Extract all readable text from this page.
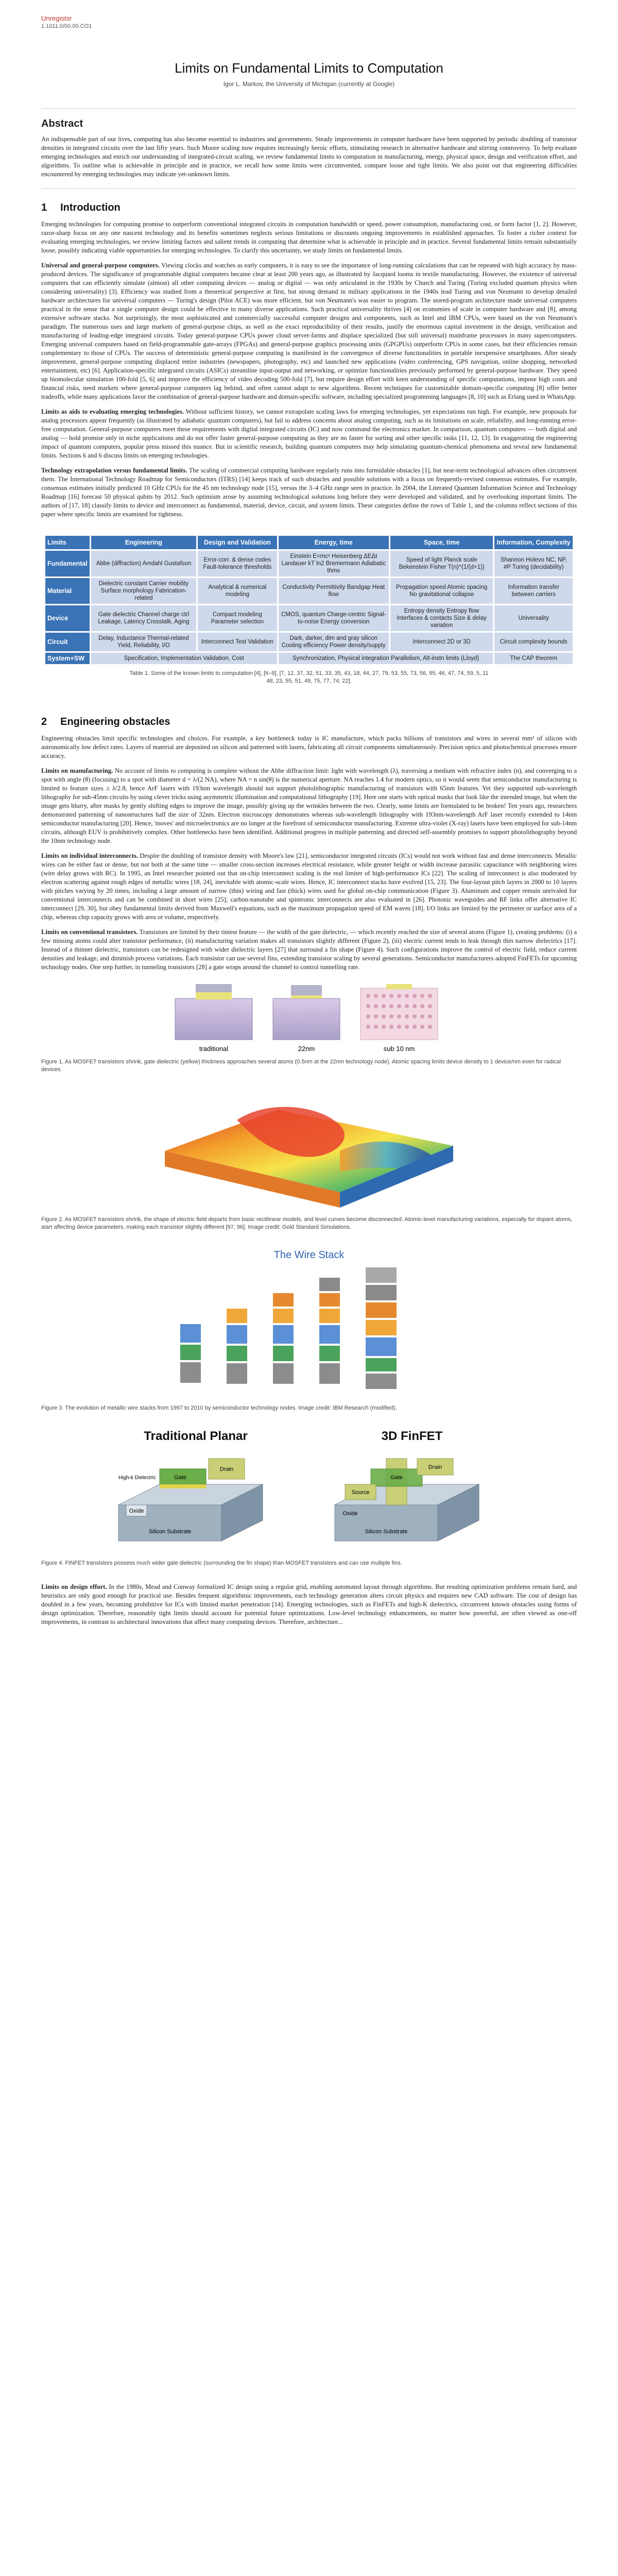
Unregistsr
1.1011.0/00.00.CO1
Limits on Fundamental Limits to Computation
Igor L. Markov, the University of Michigan (currently at Google)
Abstract

An indispensable part of our lives, computing has also become essential to industries and governments. Steady improvements in computer hardware have been supported by periodic doubling of transistor densities in integrated circuits over the last fifty years. Such Moore scaling now requires increasingly heroic efforts, stimulating research in alternative hardware and stirring controversy. To help evaluate emerging technologies and enrich our understanding of integrated-circuit scaling, we review fundamental limits to computation in manufacturing, energy, physical space, design and verification effort, and algorithms. To outline what is achievable in principle and in practice, we recall how some limits were circumvented, compare loose and tight limits. We also point out that engineering difficulties encountered by emerging technologies may indicate yet-unknown limits.

1 Introduction

Emerging technologies for computing promise to outperform conventional integrated circuits in computation bandwidth or speed, power consumption, manufacturing cost, or form factor [1, 2]. However, razor-sharp focus on any one nascent technology and its benefits sometimes neglects serious limitations or discounts ongoing improvements in established approaches. To foster a richer context for evaluating emerging technologies, we review limiting factors and salient trends in computing that determine what is achievable in principle and in practice. Several fundamental limits remain substantially loose, possibly indicating viable opportunities for emerging technologies. To clarify this uncertainty, we study limits on fundamental limits.

Universal and general-purpose computers. Viewing clocks and watches as early computers, it is easy to see the importance of long-running calculations that can be repeated with high accuracy by mass-produced devices. The significance of programmable digital computers became clear at least 200 years ago, as illustrated by Jacquard looms in textile manufacturing. However, the existence of universal computers that can efficiently simulate (almost) all other computing devices — analog or digital — was only articulated in the 1930s by Church and Turing (Turing excluded quantum physics when considering universality) [3]. Efficiency was studied from a theoretical perspective at first, but strong demand in military applications in the 1940s lead Turing and von Neumann to develop detailed hardware architectures for universal computers — Turing's design (Pilot ACE) was more efficient, but von Neumann's was easier to program. The stored-program architecture made universal computers practical in the sense that a single computer design could be effective in many diverse applications. Such practical universality thrives [4] on economies of scale in computer hardware and [8], among extensive software stacks. Not surprisingly, the most sophisticated and commercially successful computer designs and components, such as Intel and IBM CPUs, were based on the von Neumann's paradigm. The numerous uses and large markets of general-purpose chips, as well as the exact reproducibility of their results, justify the enormous capital investment in the design, verification and manufacturing of leading-edge integrated circuits. Today general-purpose CPUs power cloud server-farms and displace specialized (but still universal) mainframe processors in many supercomputers. Emerging universal computers based on field-programmable gate-arrays (FPGAs) and general-purpose graphics processing units (GPGPUs) outperform CPUs in some cases, but their efficiencies remain complementary to those of CPUs. The success of deterministic general-purpose computing is manifested in the convergence of diverse functionalities in portable inexpensive smartphones. After steady improvement, general-purpose computing displaced entire industries (newspapers, photography, etc) and launched new applications (video conferencing, GPS navigation, online shopping, networked entertainment, etc) [6]. Application-specific integrated circuits (ASICs) streamline input-output and networking, or optimize functionalities previously performed by general-purpose hardware. They speed up biomolecular simulation 100-fold [5, 6] and improve the efficiency of video decoding 500-fold [7], but require design effort with keen understanding of specific computations, impose high costs and financial risks, need markets where general-purpose computers lag behind, and often cannot adapt to new algorithms. Recent techniques for customizable domain-specific computing [8] offer better tradeoffs, while many applications favor the combination of general-purpose hardware and domain-specific software, including specialized programming languages [8, 10] such as Erlang used in WhatsApp.

Limits as aids to evaluating emerging technologies. Without sufficient history, we cannot extrapolate scaling laws for emerging technologies, yet expectations run high. For example, new proposals for analog processors appear frequently (as illustrated by adiabatic quantum computers), but fail to address concerns about analog computing, such as its limitations on scale, reliability, and long-running error-free computation. General-purpose computers meet these requirements with digital integrated circuits (IC) and now command the electronics market. In comparison, quantum computers — both digital and analog — hold promise only in niche applications and do not offer faster general-purpose computing as they are no faster for sorting and other specific tasks [11, 12, 13]. In exaggerating the engineering impact of quantum computers, popular press missed this nuance. But in scientific research, building quantum computers may help simulating quantum-chemical phenomena and reveal new fundamental limits. Sections 6 and 6 discuss limits on emerging technologies.

Technology extrapolation versus fundamental limits. The scaling of commercial computing hardware regularly runs into formidable obstacles [1], but near-term technological advances often circumvent them. The International Technology Roadmap for Semiconductors (ITRS) [14] keeps track of such obstacles and possible solutions with a focus on frequently-revised consensus estimates. For example, consensus estimates initially predicted 10 GHz CPUs for the 45 nm technology node [15], versus the 3–4 GHz range seen in practice. In 2004, the Literated Quantum Information Science and Technology Roadmap [16] forecast 50 physical qubits by 2012. Such optimism arose by assuming technological solutions long before they were developed and validated, and by overlooking important limits. The authors of [17, 18] classify limits to device and interconnect as fundamental, material, device, circuit, and system limits. These categories define the rows of Table 1, and the columns reflect sections of this paper where specific limits are examined for tightness.

Limits	Engineering	Design and Validation	Energy, time	Space, time	Information, Complexity
Fundamental	Abbe (diffraction) Amdahl Gustafson	Error-corr. & dense codes Fault-tolerance thresholds	Einstein E=mc² Heisenberg ΔEΔt Landauer kT ln2 Bremermann Adiabatic thms	Speed of light Planck scale Bekenstein Fisher T(n)^(1/(d+1))	Shannon Holevo NC, NP, #P Turing (decidability)
Material	Dielectric constant Carrier mobility Surface morphology Fabrication-related	Analytical & numerical modeling	Conductivity Permittivity Bandgap Heat flow	Propagation speed Atomic spacing No gravitational collapse	Information transfer between carriers
Device	Gate dielectric Channel charge ctrl Leakage, Latency Crosstalk, Aging	Compact modeling Parameter selection	CMOS, quantum Charge-centric Signal-to-noise Energy conversion	Entropy density Entropy flow Interfaces & contacts Size & delay variation	Universality
Circuit	Delay, Inductance Thermal-related Yield, Reliability, I/O	Interconnect Test Validation	Dark, darker, dim and gray silicon Cooling efficiency Power density/supply	Interconnect 2D or 3D	Circuit complexity bounds
System+SW	Specification, Implementation Validation, Cost		Synchronization, Physical integration Parallelism, Alt-instn limits (Lloyd)		The CAP theorem
Table 1. Some of the known limits to computation [4], [6–9], [7, 12, 37, 32, 51, 33, 35, 43, 18, 44, 27, 79, 53, 55, 73, 56, 95, 46, 47, 74, 59, 5, 11 48, 23, 55, 51, 49, 75, 77, 74, 22].
2 Engineering obstacles

Engineering obstacles limit specific technologies and choices. For example, a key bottleneck today is IC manufacture, which packs billions of transistors and wires in several mm² of silicon with astronomically low defect rates. Layers of material are deposited on silicon and patterned with lasers, fabricating all circuit components simultaneously. Precision optics and photochemical processes ensure accuracy.

Limits on manufacturing. No account of limits to computing is complete without the Abbe diffraction limit: light with wavelength (λ), traversing a medium with refractive index (n), and converging to a spot with angle (θ) (focusing) to a spot with diameter d = λ/(2 NA), where NA = n sin(θ) is the numerical aperture. NA reaches 1.4 for modern optics, so it would seem that semiconductor manufacturing is limited to feature sizes ≥ λ/2.8, hence ArF lasers with 193nm wavelength should not support photolithographic manufacturing of transistors with 65nm features. Yet they supported sub-wavelength lithography for sub-45nm circuits by using clever tricks using asymmetric illumination and computational lithography [19]. Here one starts with optical masks that look like the intended image, but when the image gets blurry, after masks by gently shifting edges to improve the image, possibly giving up the wrinkles between the two. Clearly, some limits are formulated to be broken! Ten years ago, researchers demonstrated patterning of nanostructures half the size of 32nm. Electron microscopy demonstrates whereas sub-wavelength lithography with 193nm-wavelength ArF laser recently extended to 14nm semiconductor manufacturing [20]. Hence, 'moves' and microelectronics are no longer at the forefront of semiconductor manufacturing. Extreme ultra-violet (X-ray) lasers have been employed for sub-14nm circuits, although EUV is prohibitively complex. Other bottlenecks have been identified. Additional progress in multiple patterning and directed self-assembly promises to support photolithography beyond the 10nm technology node.

Limits on individual interconnects. Despite the doubling of transistor density with Moore's law [21], semiconductor integrated circuits (ICs) would not work without fast and dense interconnects. Metallic wires can be either fast or dense, but not both at the same time — smaller cross-section increases electrical resistance, while greater height or width increase parasitic capacitance with neighboring wires (wire delay grows with RC). In 1995, an Intel researcher pointed out that on-chip interconnect scaling is the real limiter of high-performance ICs [22]. The scaling of interconnect is also moderated by electron scattering against rough edges of metallic wires [18, 24], inevitable with atomic-scale wires. Hence, IC interconnect stacks have evolved [15, 23]. The four-layout pitch layers in 2000 to 10 layers with pitches varying by 20 times, including a large amount of narrow (thin) wiring and fast (thick) wires used for global on-chip communication (Figure 3). Aluminum and copper remain unrivaled for conventional interconnects and can be combined in short wires [25]; carbon-nanotube and spintronic interconnects are also evaluated in [26]. Photonic waveguides and RF links offer alternative IC interconnect [29, 30], but obey fundamental limits derived from Maxwell's equations, such as the maximum propagation speed of EM waves [18]. I/O links are limited by the perimeter or surface area of a chip, whereas chip capacity grows with area or volume, respectively.

Limits on conventional transistors. Transistors are limited by their tiniest feature — the width of the gate dielectric, — which recently reached the size of several atoms (Figure 1), creating problems: (i) a few missing atoms could alter transistor performance, (ii) manufacturing variation makes all transistors slightly different (Figure 2), (iii) electric current tends to leak through thin narrow dielectrics [17]. Instead of a thinner dielectric, transistors can be redesigned with wider dielectric layers [27] that surround a fin shape (Figure 4). Such configurations improve the control of electric field, reduce current densities and leakage, and diminish process variations. Each transistor can use several fins, extending transistor scaling by several generations. Semiconductor manufacturers adopted FinFETs for upcoming technology nodes. One step further, in tunneling transistors [28] a gate wraps around the channel to control tunnelling rate.

traditional	22nm	sub 10 nm
Figure 1. As MOSFET transistors shrink, gate dielectric (yellow) thickness approaches several atoms (0.5nm at the 22nm technology node). Atomic spacing limits device density to 1 device/nm even for radical devices.
Figure 2. As MOSFET transistors shrink, the shape of electric field departs from basic rectilinear models, and level curves become disconnected. Atomic-level manufacturing variations, especially for dopant atoms, start affecting device parameters, making each transistor slightly different [97, 96]. Image credit: Gold Standard Simulations.
The Wire Stack
Figure 3. The evolution of metallic wire stacks from 1997 to 2010 by semiconductor technology nodes. Image credit: IBM Research (modified).
Traditional Planar	3D FinFET
Gate
Drain
Oxide
High-k Dielectric
Silicon Substrate
Gate
Drain
Source
Oxide
Silicon Substrate
Figure 4. FINFET transistors possess much wider gate dielectric (surrounding the fin shape) than MOSFET transistors and can use multiple fins.

Limits on design effort. In the 1980s, Mead and Conway formalized IC design using a regular grid, enabling automated layout through algorithms. But resulting optimization problems remain hard, and heuristics are only good enough for practical use. Besides frequent algorithmic improvements, each technology generation alters circuit physics and requires new CAD software. The cost of design has doubled in a few years, becoming prohibitive for ICs with limited market penetration [14]. Emerging technologies, such as FinFETs and high-K dielectrics, circumvent known obstacles using forms of design optimization. Therefore, reasonably tight limits should account for potential future optimizations. Low-level technology enhancements, no matter how powerful, are often viewed as one-off improvements, in contrast to architectural innovations that affect many computing devices. Therefore, architecture...
